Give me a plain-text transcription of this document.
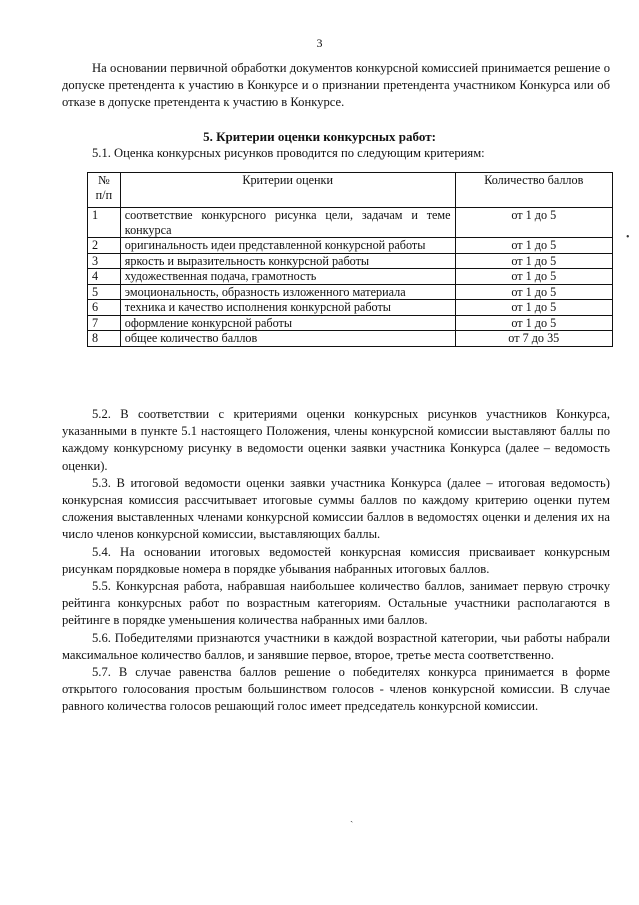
3
На основании первичной обработки документов конкурсной комиссией принимается решение о допуске претендента к участию в Конкурсе и о признании претендента участником Конкурса или об отказе в допуске претендента к участию в Конкурсе.
5. Критерии оценки конкурсных работ:
5.1. Оценка конкурсных рисунков проводится по следующим критериям:
№ п/п	Критерии оценки	Количество баллов
1	соответствие конкурсного рисунка цели, задачам и теме конкурса	от 1 до 5
2	оригинальность идеи представленной конкурсной работы	от 1 до 5
3	яркость и выразительность конкурсной работы	от 1 до 5
4	художественная подача, грамотность	от 1 до 5
5	эмоциональность, образность изложенного материала	от 1 до 5
6	техника и качество исполнения конкурсной работы	от 1 до 5
7	оформление конкурсной работы	от 1 до 5
8	общее количество баллов	от 7 до 35

5.2. В соответствии с критериями оценки конкурсных рисунков участников Конкурса, указанными в пункте 5.1 настоящего Положения, члены конкурсной комиссии выставляют баллы по каждому конкурсному рисунку в ведомости оценки заявки участника Конкурса (далее – ведомость оценки).

5.3. В итоговой ведомости оценки заявки участника Конкурса (далее – итоговая ведомость) конкурсная комиссия рассчитывает итоговые суммы баллов по каждому критерию оценки путем сложения выставленных членами конкурсной комиссии баллов в ведомостях оценки и деления их на число членов конкурсной комиссии, выставляющих баллы.

5.4. На основании итоговых ведомостей конкурсная комиссия присваивает конкурсным рисункам порядковые номера в порядке убывания набранных итоговых баллов.

5.5. Конкурсная работа, набравшая наибольшее количество баллов, занимает первую строчку рейтинга конкурсных работ по возрастным категориям. Остальные участники располагаются в рейтинге в порядке уменьшения количества набранных ими баллов.

5.6. Победителями признаются участники в каждой возрастной категории, чьи работы набрали максимальное количество баллов, и занявшие первое, второе, третье места соответственно.

5.7. В случае равенства баллов решение о победителях конкурса принимается в форме открытого голосования простым большинством голосов - членов конкурсной комиссии. В случае равного количества голосов решающий голос имеет председатель конкурсной комиссии.

•
ˏ
